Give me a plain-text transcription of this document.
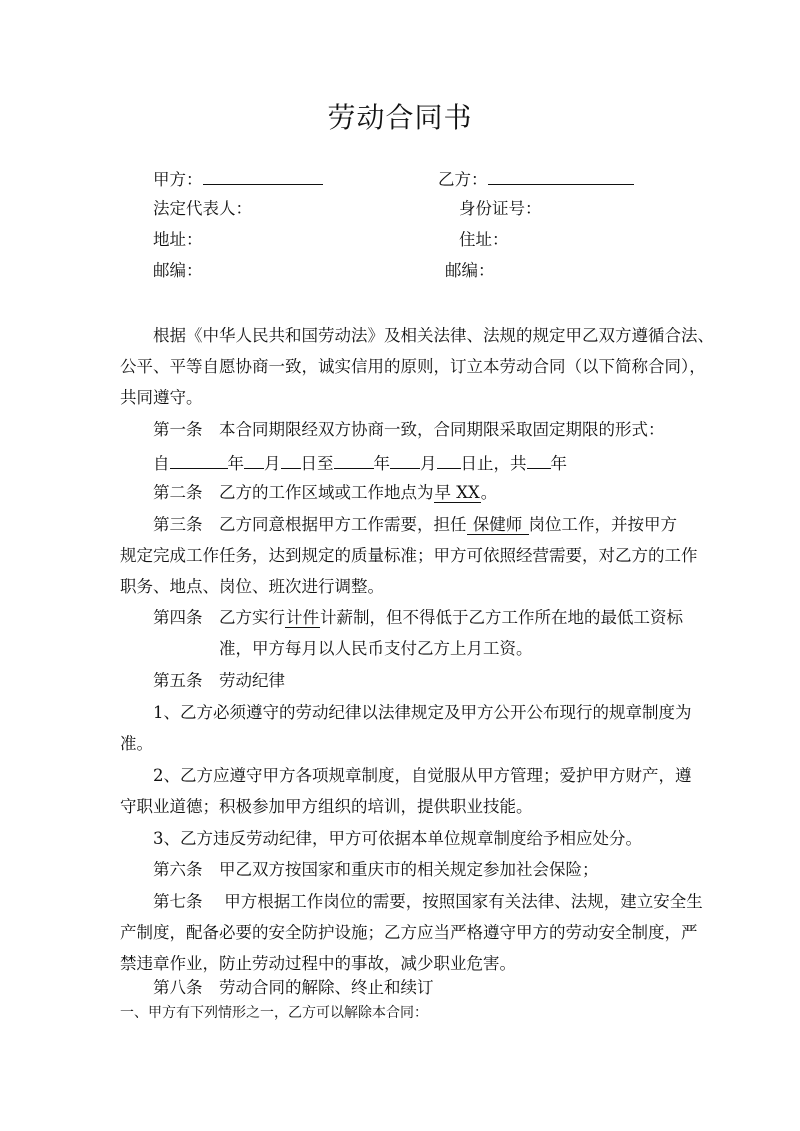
劳动合同书
甲方：	乙方：
法定代表人：	身份证号：
地址：	住址：
邮编：	邮编：
根据《中华人民共和国劳动法》及相关法律、法规的规定甲乙双方遵循合法、
公平、平等自愿协商一致，诚实信用的原则，订立本劳动合同（以下简称合同），
共同遵守。
第一条　本合同期限经双方协商一致，合同期限采取固定期限的形式：
自	年 月 日至 年 月 日止，共 年
第二条　乙方的工作区域或工作地点为早 XX。
第三条　乙方同意根据甲方工作需要，担任 保健师 岗位工作，并按甲方
规定完成工作任务，达到规定的质量标准；甲方可依照经营需要，对乙方的工作
职务、地点、岗位、班次进行调整。
第四条　乙方实行计件计薪制，但不得低于乙方工作所在地的最低工资标
准，甲方每月以人民币支付乙方上月工资。
第五条　劳动纪律
1、乙方必须遵守的劳动纪律以法律规定及甲方公开公布现行的规章制度为
准。
2、乙方应遵守甲方各项规章制度，自觉服从甲方管理；爱护甲方财产，遵
守职业道德；积极参加甲方组织的培训，提供职业技能。
3、乙方违反劳动纪律，甲方可依据本单位规章制度给予相应处分。
第六条　甲乙双方按国家和重庆市的相关规定参加社会保险；
第七条　 甲方根据工作岗位的需要，按照国家有关法律、法规，建立安全生
产制度，配备必要的安全防护设施；乙方应当严格遵守甲方的劳动安全制度，严
禁违章作业，防止劳动过程中的事故，减少职业危害。
第八条　劳动合同的解除、终止和续订
一、甲方有下列情形之一，乙方可以解除本合同：
